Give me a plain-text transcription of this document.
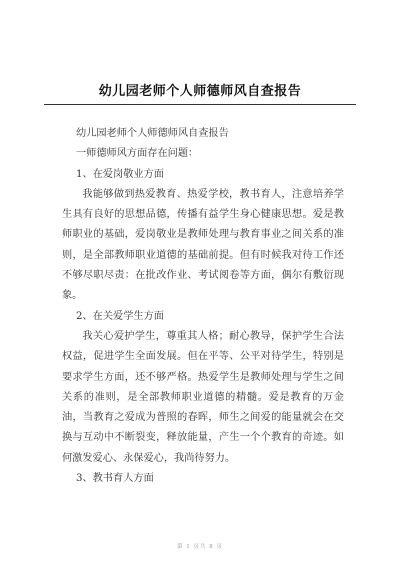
幼儿园老师个人师德师风自查报告

幼儿园老师个人师德师风自查报告

一师德师风方面存在问题：

1、在爱岗敬业方面

我能够做到热爱教育、热爱学校，教书育人，注意培养学生具有良好的思想品德，传播有益学生身心健康思想。爱是教师职业的基础，爱岗敬业是教师处理与教育事业之间关系的准则，是全部教师职业道德的基础前提。但有时候我对待工作还不够尽职尽责：在批改作业、考试阅卷等方面，偶尔有敷衍现象。

2、在关爱学生方面

我关心爱护学生，尊重其人格；耐心教导，保护学生合法权益，促进学生全面发展。但在平等、公平对待学生，特别是要求学生方面，还不够严格。热爱学生是教师处理与学生之间关系的准则，是全部教师职业道德的精髓。爱是教育的万金油，当教育之爱成为普照的春晖，师生之间爱的能量就会在交换与互动中不断裂变，释放能量，产生一个个教育的奇迹。如何激发爱心、永保爱心，我尚待努力。

3、教书育人方面

第 1 页共 8 页
